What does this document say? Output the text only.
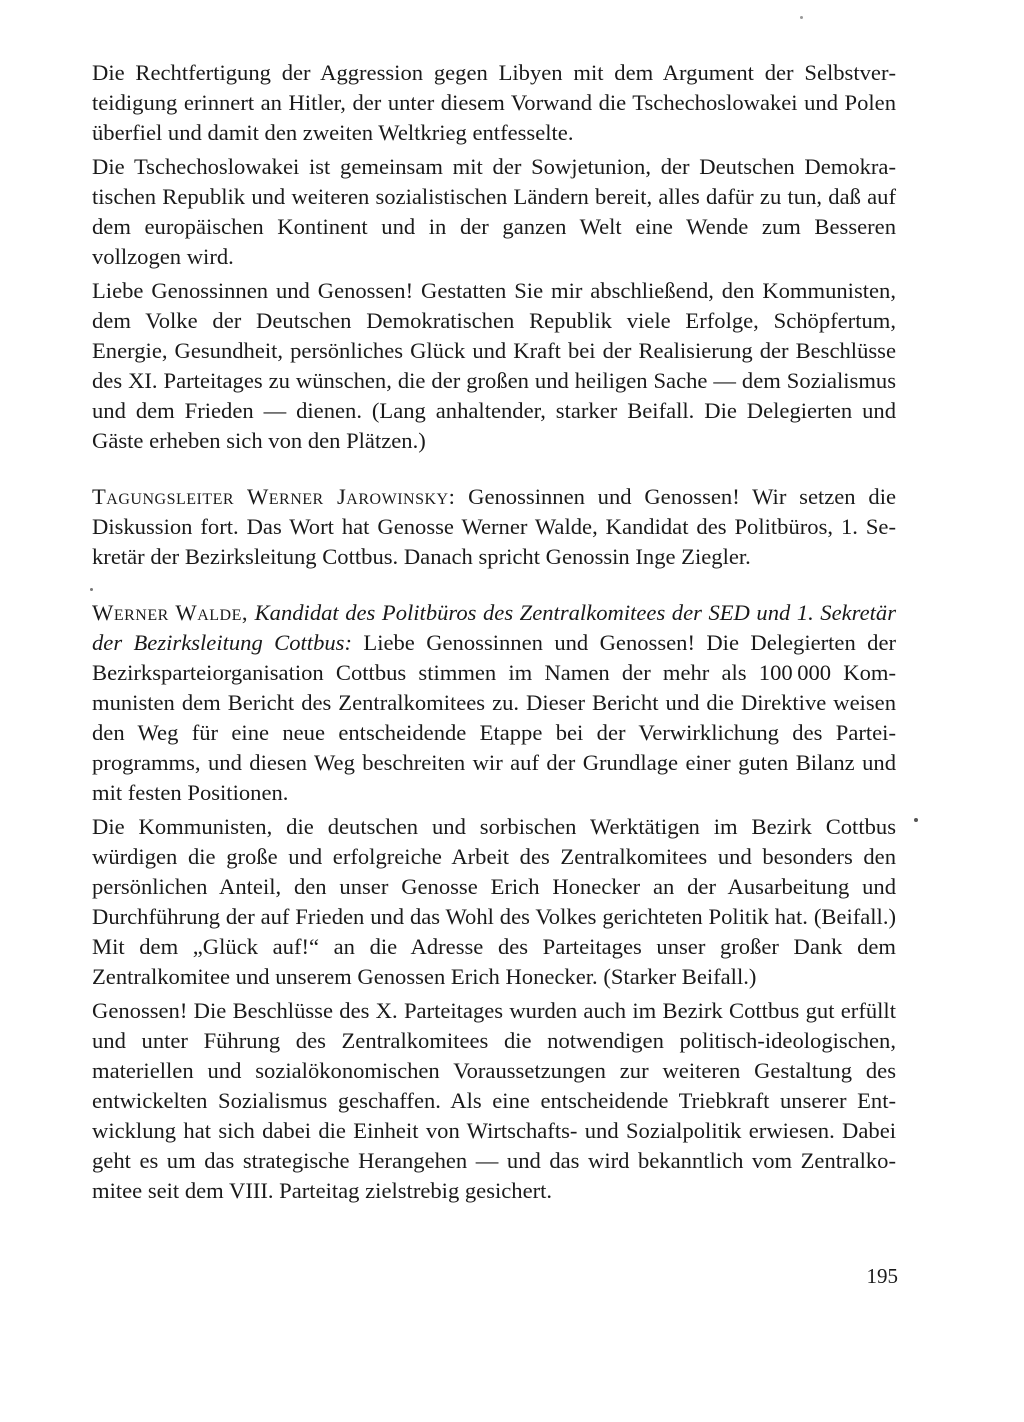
Die Rechtfertigung der Aggression gegen Libyen mit dem Argument der Selbstverteidigung erinnert an Hitler, der unter diesem Vorwand die Tschechoslowakei und Polen überfiel und damit den zweiten Weltkrieg entfesselte.

Die Tschechoslowakei ist gemeinsam mit der Sowjetunion, der Deutschen Demokratischen Republik und weiteren sozialistischen Ländern bereit, alles dafür zu tun, daß auf dem europäischen Kontinent und in der ganzen Welt eine Wende zum Besseren vollzogen wird.

Liebe Genossinnen und Genossen! Gestatten Sie mir abschließend, den Kommunisten, dem Volke der Deutschen Demokratischen Republik viele Erfolge, Schöpfertum, Energie, Gesundheit, persönliches Glück und Kraft bei der Realisierung der Beschlüsse des XI. Parteitages zu wünschen, die der großen und heiligen Sache — dem Sozialismus und dem Frieden — dienen. (Lang anhaltender, starker Beifall. Die Delegierten und Gäste erheben sich von den Plätzen.)

Tagungsleiter Werner Jarowinsky: Genossinnen und Genossen! Wir setzen die Diskussion fort. Das Wort hat Genosse Werner Walde, Kandidat des Politbüros, 1. Sekretär der Bezirksleitung Cottbus. Danach spricht Genossin Inge Ziegler.

Werner Walde, Kandidat des Politbüros des Zentralkomitees der SED und 1. Sekretär der Bezirksleitung Cottbus: Liebe Genossinnen und Genossen! Die Delegierten der Bezirksparteiorganisation Cottbus stimmen im Namen der mehr als 100 000 Kommunisten dem Bericht des Zentralkomitees zu. Dieser Bericht und die Direktive weisen den Weg für eine neue entscheidende Etappe bei der Verwirklichung des Parteiprogramms, und diesen Weg beschreiten wir auf der Grundlage einer guten Bilanz und mit festen Positionen.

Die Kommunisten, die deutschen und sorbischen Werktätigen im Bezirk Cottbus würdigen die große und erfolgreiche Arbeit des Zentralkomitees und besonders den persönlichen Anteil, den unser Genosse Erich Honecker an der Ausarbeitung und Durchführung der auf Frieden und das Wohl des Volkes gerichteten Politik hat. (Beifall.) Mit dem „Glück auf!“ an die Adresse des Parteitages unser großer Dank dem Zentralkomitee und unserem Genossen Erich Honecker. (Starker Beifall.)

Genossen! Die Beschlüsse des X. Parteitages wurden auch im Bezirk Cottbus gut erfüllt und unter Führung des Zentralkomitees die notwendigen politisch-ideologischen, materiellen und sozialökonomischen Voraussetzungen zur weiteren Gestaltung des entwickelten Sozialismus geschaffen. Als eine entscheidende Triebkraft unserer Entwicklung hat sich dabei die Einheit von Wirtschafts- und Sozialpolitik erwiesen. Dabei geht es um das strategische Herangehen — und das wird bekanntlich vom Zentralkomitee seit dem VIII. Parteitag zielstrebig gesichert.

195
